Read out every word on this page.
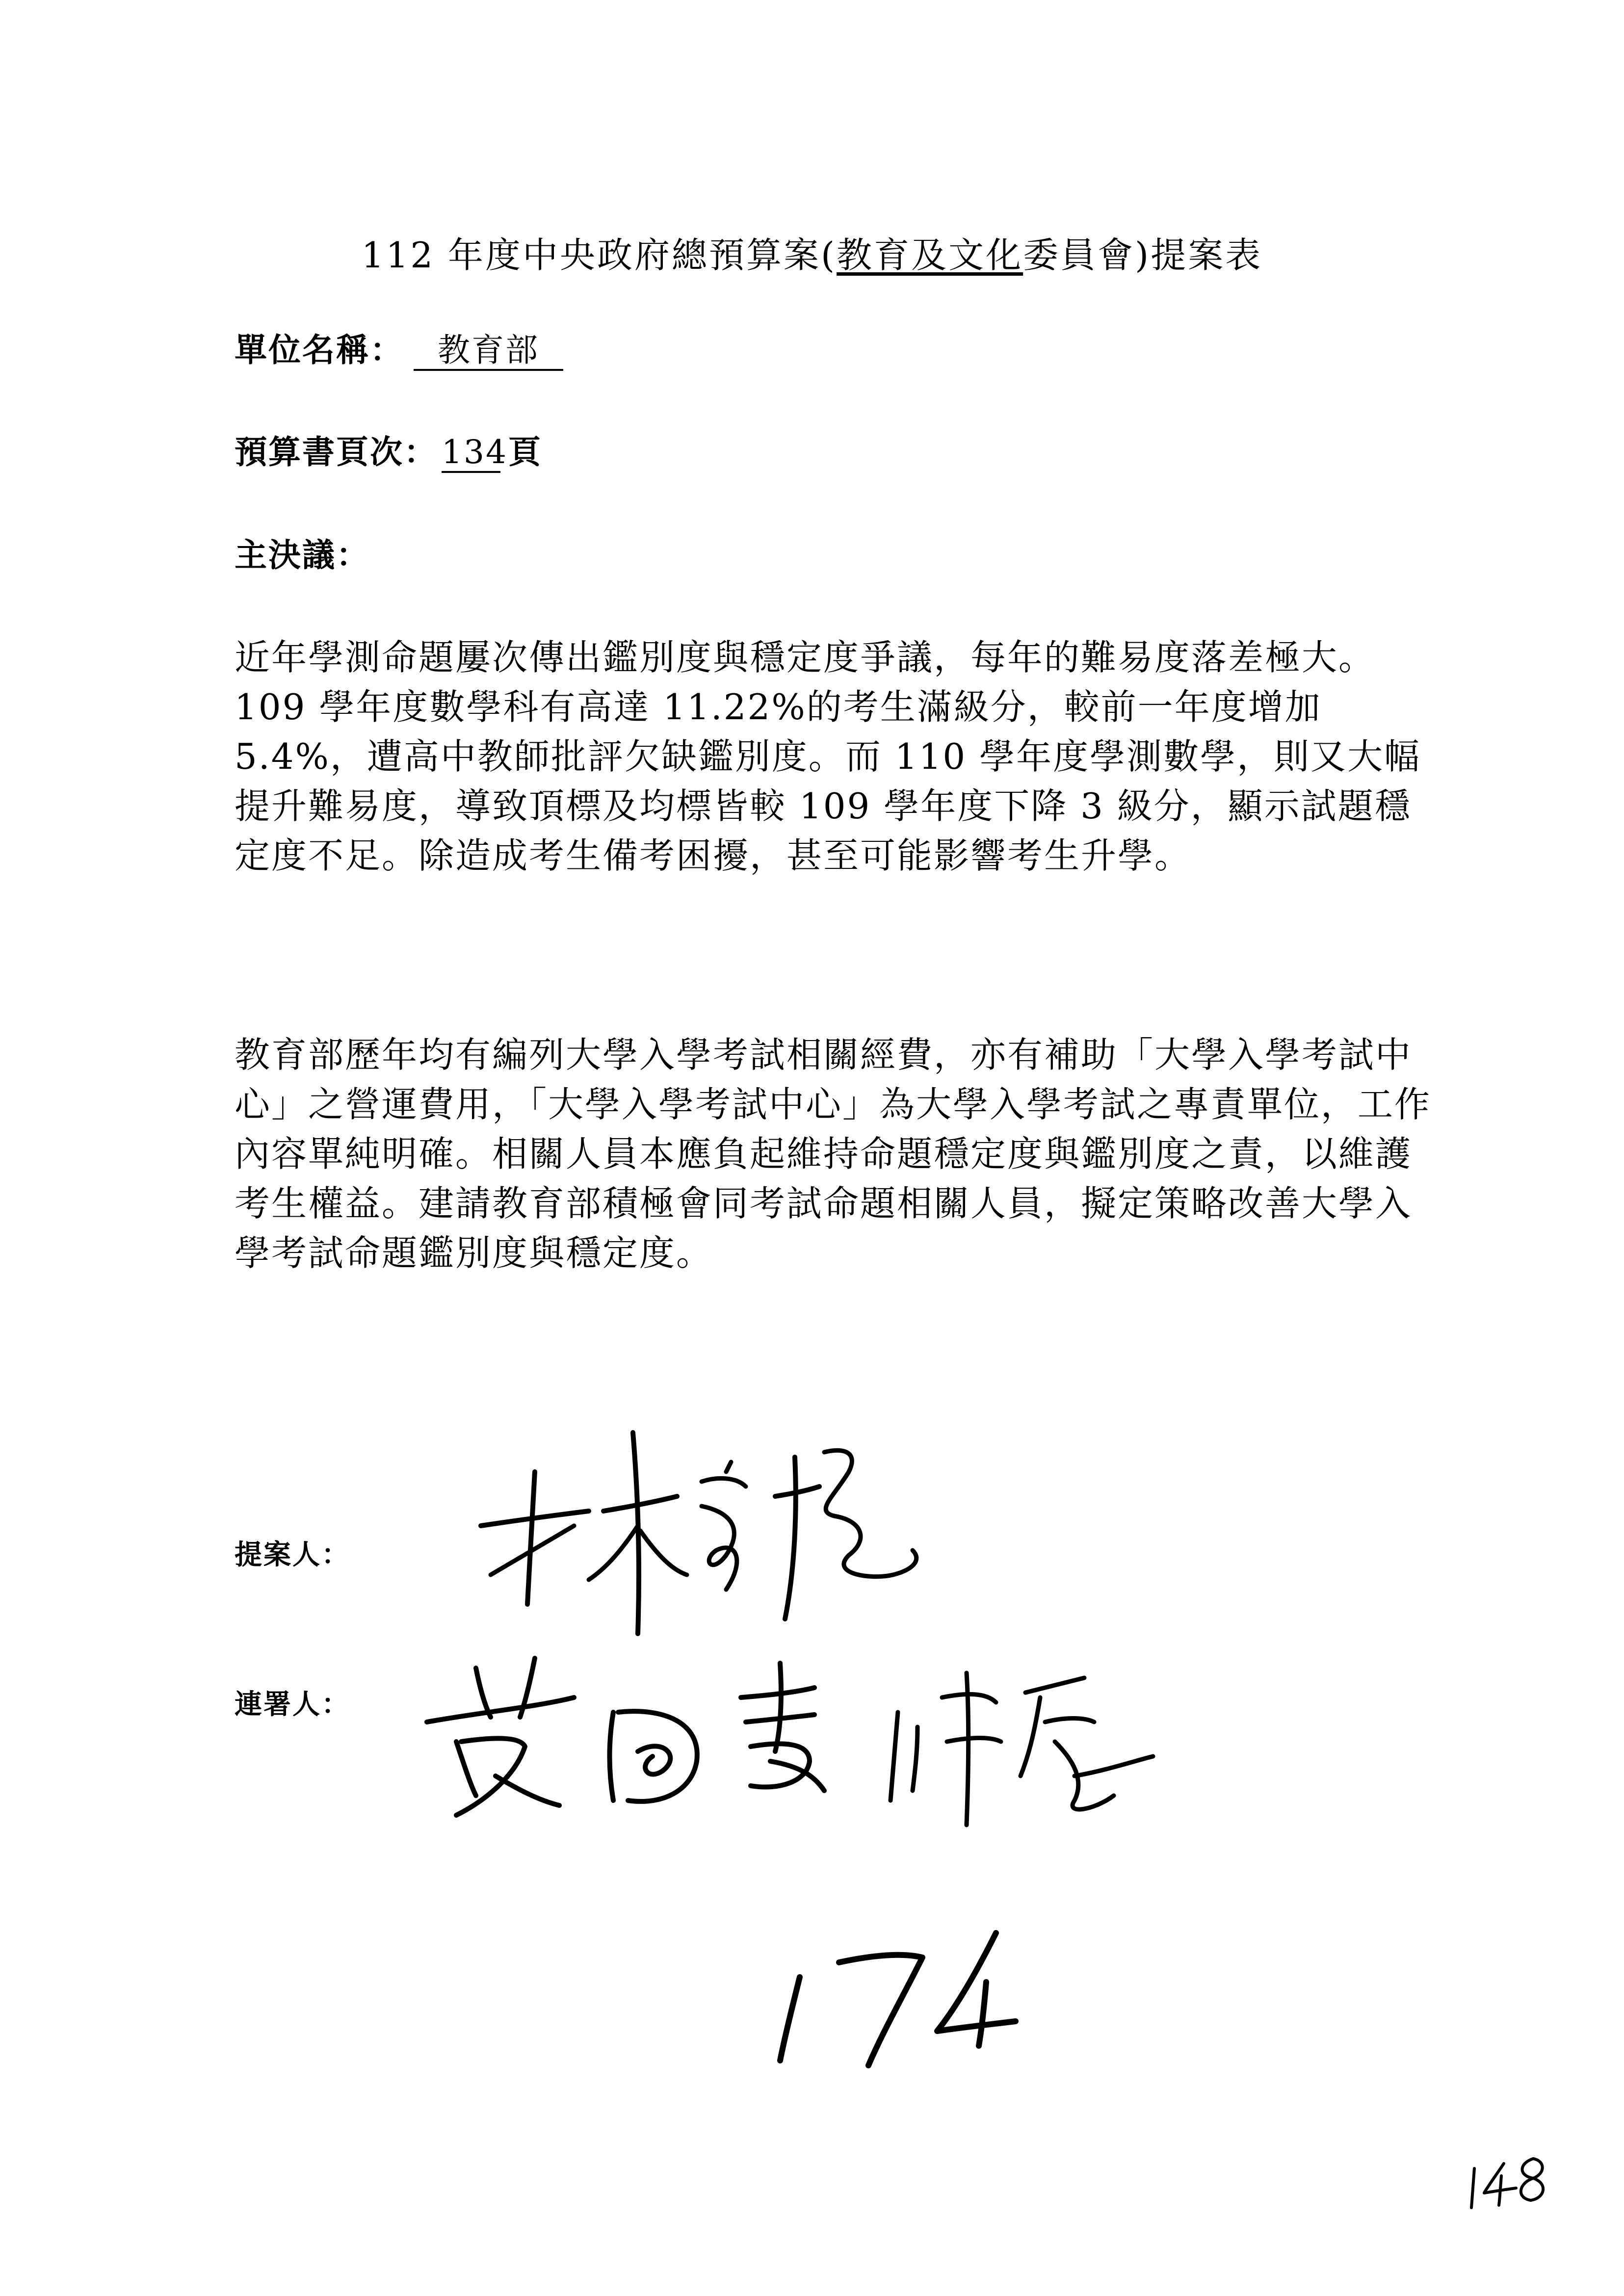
112 年度中央政府總預算案(教育及文化委員會)提案表
單位名稱： 教育部
預算書頁次： 134頁
主決議：

近年學測命題屢次傳出鑑別度與穩定度爭議，每年的難易度落差極大。109 學年度數學科有高達 11.22%的考生滿級分，較前一年度增加 5.4%，遭高中教師批評欠缺鑑別度。而 110 學年度學測數學，則又大幅提升難易度，導致頂標及均標皆較 109 學年度下降 3 級分，顯示試題穩定度不足。除造成考生備考困擾，甚至可能影響考生升學。

教育部歷年均有編列大學入學考試相關經費，亦有補助「大學入學考試中心」之營運費用，「大學入學考試中心」為大學入學考試之專責單位，工作內容單純明確。相關人員本應負起維持命題穩定度與鑑別度之責，以維護考生權益。建請教育部積極會同考試命題相關人員，擬定策略改善大學入學考試命題鑑別度與穩定度。

提案人：
連署人：
